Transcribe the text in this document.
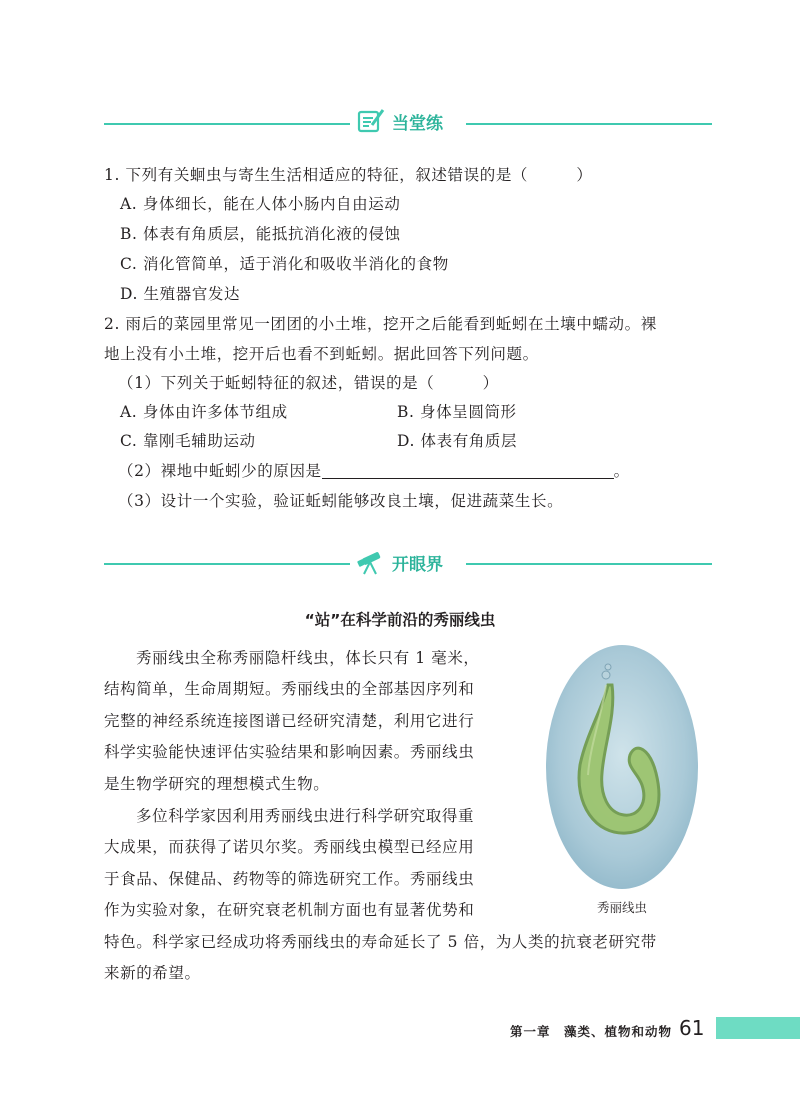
当堂练
1. 下列有关蛔虫与寄生生活相适应的特征，叙述错误的是（　　　）
A. 身体细长，能在人体小肠内自由运动
B. 体表有角质层，能抵抗消化液的侵蚀
C. 消化管简单，适于消化和吸收半消化的食物
D. 生殖器官发达
2. 雨后的菜园里常见一团团的小土堆，挖开之后能看到蚯蚓在土壤中蠕动。裸
地上没有小土堆，挖开后也看不到蚯蚓。据此回答下列问题。
（1）下列关于蚯蚓特征的叙述，错误的是（　　　）
A. 身体由许多体节组成	B. 身体呈圆筒形
C. 靠刚毛辅助运动	D. 体表有角质层
（2）裸地中蚯蚓少的原因是	。
（3）设计一个实验，验证蚯蚓能够改良土壤，促进蔬菜生长。
开眼界
“站”在科学前沿的秀丽线虫
秀丽线虫全称秀丽隐杆线虫，体长只有 1 毫米，
结构简单，生命周期短。秀丽线虫的全部基因序列和
完整的神经系统连接图谱已经研究清楚，利用它进行
科学实验能快速评估实验结果和影响因素。秀丽线虫
是生物学研究的理想模式生物。
多位科学家因利用秀丽线虫进行科学研究取得重
大成果，而获得了诺贝尔奖。秀丽线虫模型已经应用
于食品、保健品、药物等的筛选研究工作。秀丽线虫
作为实验对象，在研究衰老机制方面也有显著优势和
特色。科学家已经成功将秀丽线虫的寿命延长了 5 倍，为人类的抗衰老研究带
来新的希望。
秀丽线虫
第一章　藻类、植物和动物 61
